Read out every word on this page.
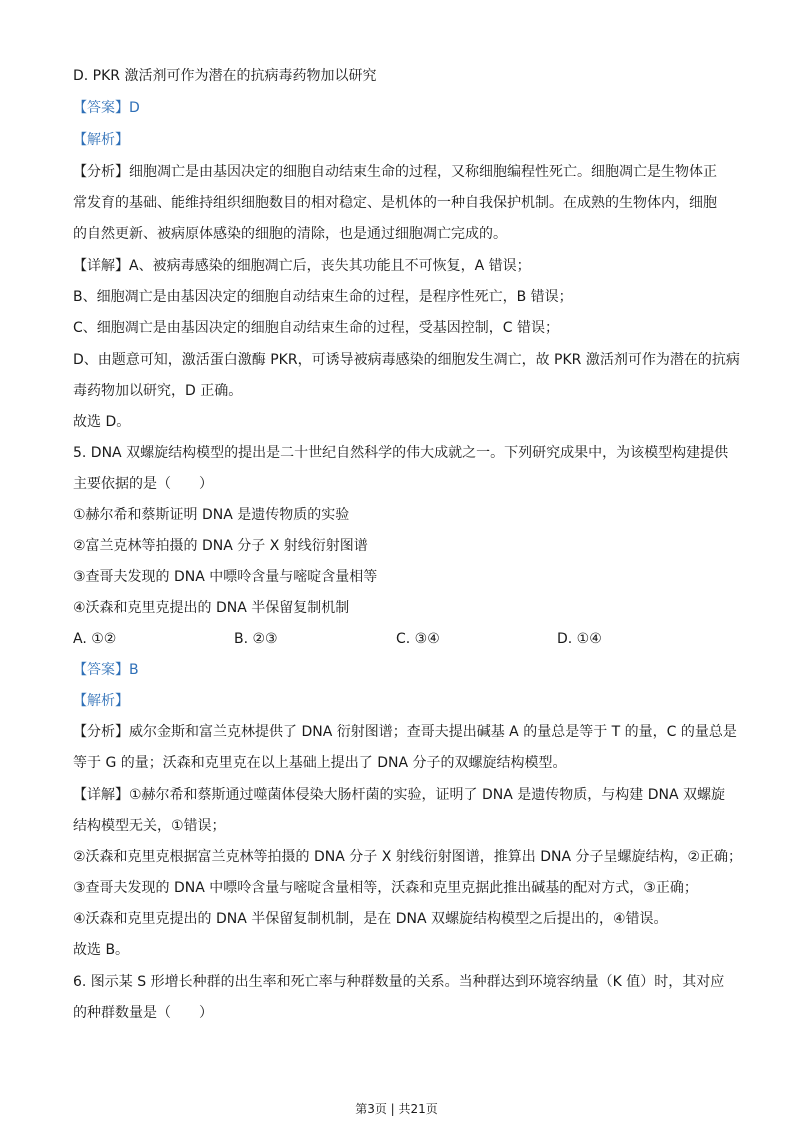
D. PKR 激活剂可作为潜在的抗病毒药物加以研究
【答案】D
【解析】
【分析】细胞凋亡是由基因决定的细胞自动结束生命的过程，又称细胞编程性死亡。细胞凋亡是生物体正
常发育的基础、能维持组织细胞数目的相对稳定、是机体的一种自我保护机制。在成熟的生物体内，细胞
的自然更新、被病原体感染的细胞的清除，也是通过细胞凋亡完成的。
【详解】A、被病毒感染的细胞凋亡后，丧失其功能且不可恢复，A 错误；
B、细胞凋亡是由基因决定的细胞自动结束生命的过程，是程序性死亡，B 错误；
C、细胞凋亡是由基因决定的细胞自动结束生命的过程，受基因控制，C 错误；
D、由题意可知，激活蛋白激酶 PKR，可诱导被病毒感染的细胞发生凋亡，故 PKR 激活剂可作为潜在的抗病
毒药物加以研究，D 正确。
故选 D。
5. DNA 双螺旋结构模型的提出是二十世纪自然科学的伟大成就之一。下列研究成果中，为该模型构建提供
主要依据的是（　　）
①赫尔希和蔡斯证明 DNA 是遗传物质的实验
②富兰克林等拍摄的 DNA 分子 X 射线衍射图谱
③查哥夫发现的 DNA 中嘌呤含量与嘧啶含量相等
④沃森和克里克提出的 DNA 半保留复制机制
A. ①②	B. ②③	C. ③④	D. ①④
【答案】B
【解析】
【分析】威尔金斯和富兰克林提供了 DNA 衍射图谱；查哥夫提出碱基 A 的量总是等于 T 的量，C 的量总是
等于 G 的量；沃森和克里克在以上基础上提出了 DNA 分子的双螺旋结构模型。
【详解】①赫尔希和蔡斯通过噬菌体侵染大肠杆菌的实验，证明了 DNA 是遗传物质，与构建 DNA 双螺旋
结构模型无关，①错误；
②沃森和克里克根据富兰克林等拍摄的 DNA 分子 X 射线衍射图谱，推算出 DNA 分子呈螺旋结构，②正确；
③查哥夫发现的 DNA 中嘌呤含量与嘧啶含量相等，沃森和克里克据此推出碱基的配对方式，③正确；
④沃森和克里克提出的 DNA 半保留复制机制，是在 DNA 双螺旋结构模型之后提出的，④错误。
故选 B。
6. 图示某 S 形增长种群的出生率和死亡率与种群数量的关系。当种群达到环境容纳量（K 值）时，其对应
的种群数量是（　　）
第3页 | 共21页
